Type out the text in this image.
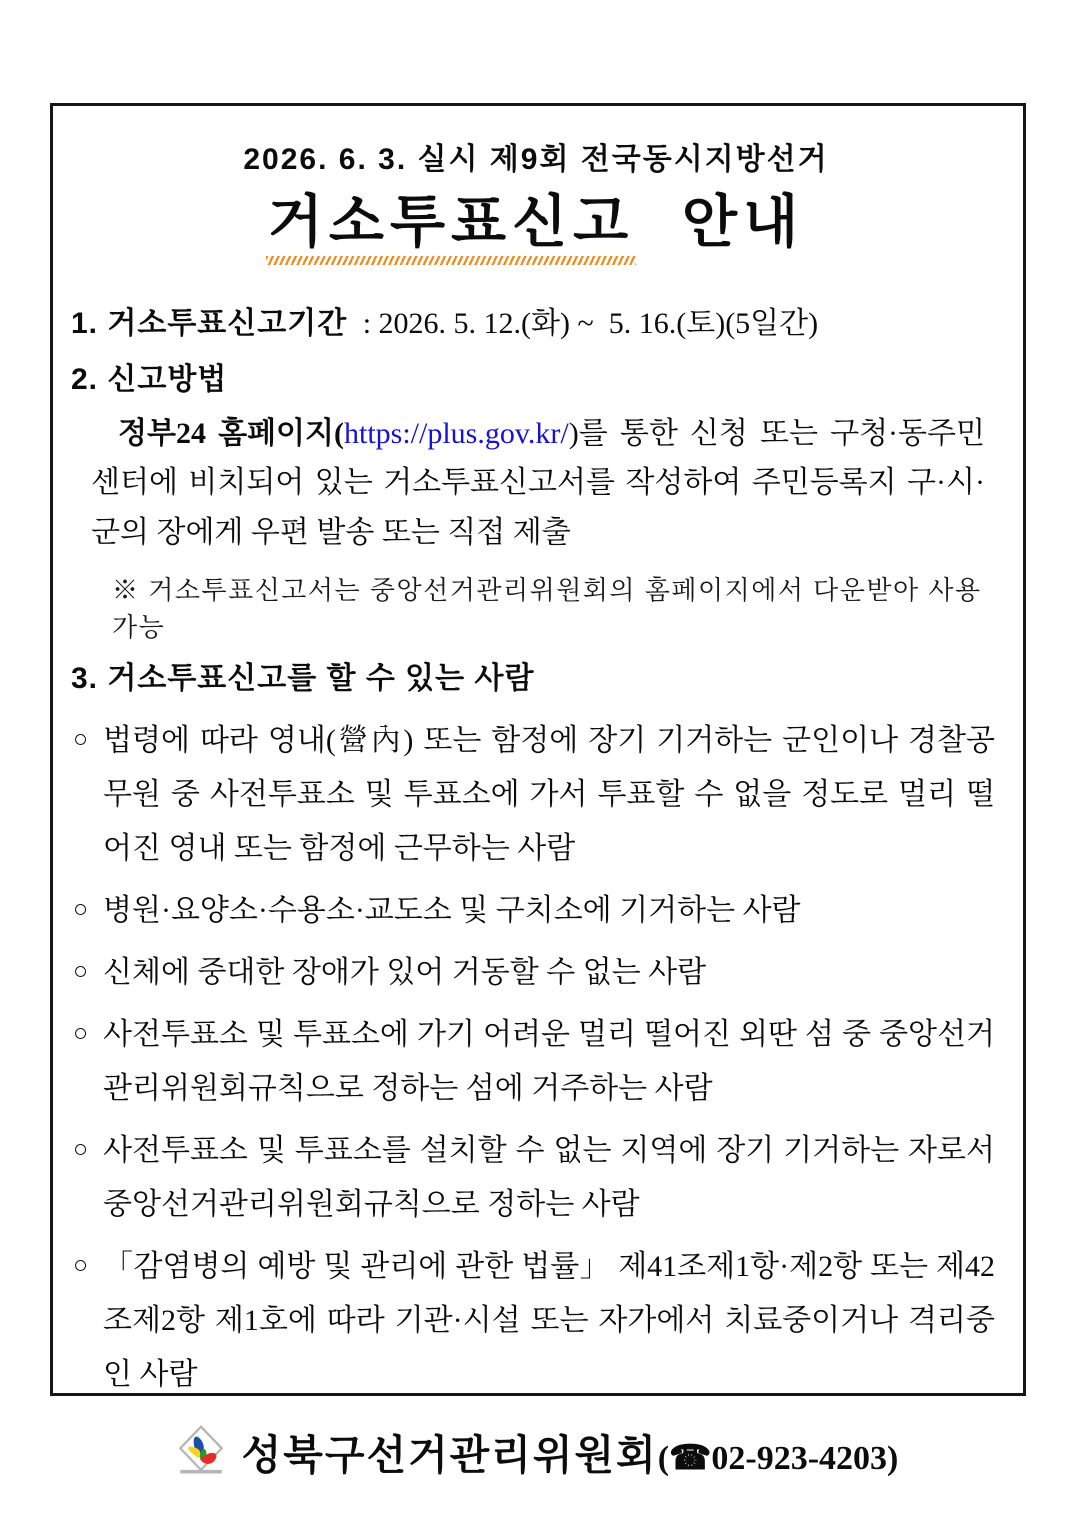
2026. 6. 3. 실시 제9회 전국동시지방선거
거소투표신고 안내
1. 거소투표신고기간 : 2026. 5. 12.(화) ~  5. 16.(토)(5일간)
2. 신고방법

정부24 홈페이지(https://plus.gov.kr/)를 통한 신청 또는 구청·동주민센터에 비치되어 있는 거소투표신고서를 작성하여 주민등록지 구·시·군의 장에게 우편 발송 또는 직접 제출

※ 거소투표신고서는 중앙선거관리위원회의 홈페이지에서 다운받아 사용 가능
3. 거소투표신고를 할 수 있는 사람
○ 법령에 따라 영내(營內) 또는 함정에 장기 기거하는 군인이나 경찰공무원 중 사전투표소 및 투표소에 가서 투표할 수 없을 정도로 멀리 떨어진 영내 또는 함정에 근무하는 사람
○ 병원·요양소·수용소·교도소 및 구치소에 기거하는 사람
○ 신체에 중대한 장애가 있어 거동할 수 없는 사람
○ 사전투표소 및 투표소에 가기 어려운 멀리 떨어진 외딴 섬 중 중앙선거관리위원회규칙으로 정하는 섬에 거주하는 사람
○ 사전투표소 및 투표소를 설치할 수 없는 지역에 장기 기거하는 자로서 중앙선거관리위원회규칙으로 정하는 사람
○ 「감염병의 예방 및 관리에 관한 법률」 제41조제1항·제2항 또는 제42조제2항 제1호에 따라 기관·시설 또는 자가에서 치료중이거나 격리중인 사람
성북구선거관리위원회(☎02-923-4203)
